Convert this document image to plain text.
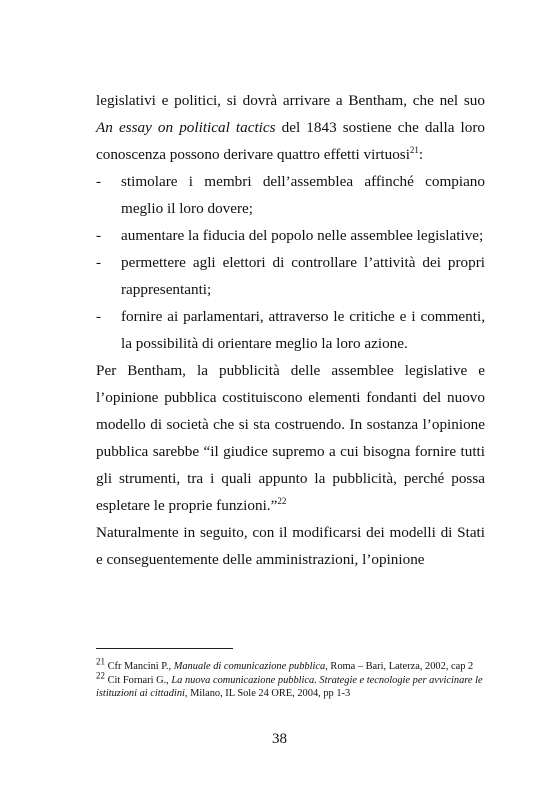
legislativi e politici, si dovrà arrivare a Bentham, che nel suo An essay on political tactics del 1843 sostiene che dalla loro conoscenza possono derivare quattro effetti virtuosi$^{21}$:

-	stimolare i membri dell’assemblea affinché compiano meglio il loro dovere;
-	aumentare la fiducia del popolo nelle assemblee legislative;
-	permettere agli elettori di controllare l’attività dei propri rappresentanti;
-	fornire ai parlamentari, attraverso le critiche e i commenti, la possibilità di orientare meglio la loro azione.

Per Bentham, la pubblicità delle assemblee legislative e l’opinione pubblica costituiscono elementi fondanti del nuovo modello di società che si sta costruendo. In sostanza l’opinione pubblica sarebbe “il giudice supremo a cui bisogna fornire tutti gli strumenti, tra i quali appunto la pubblicità, perché possa espletare le proprie funzioni.”$^{22}$

Naturalmente in seguito, con il modificarsi dei modelli di Stati e conseguentemente delle amministrazioni, l’opinione

$^{21}$ Cfr Mancini P., Manuale di comunicazione pubblica, Roma – Bari, Laterza, 2002, cap 2

$^{22}$ Cit Fornari G., La nuova comunicazione pubblica. Strategie e tecnologie per avvicinare le istituzioni ai cittadini, Milano, IL Sole 24 ORE, 2004, pp 1-3

38
